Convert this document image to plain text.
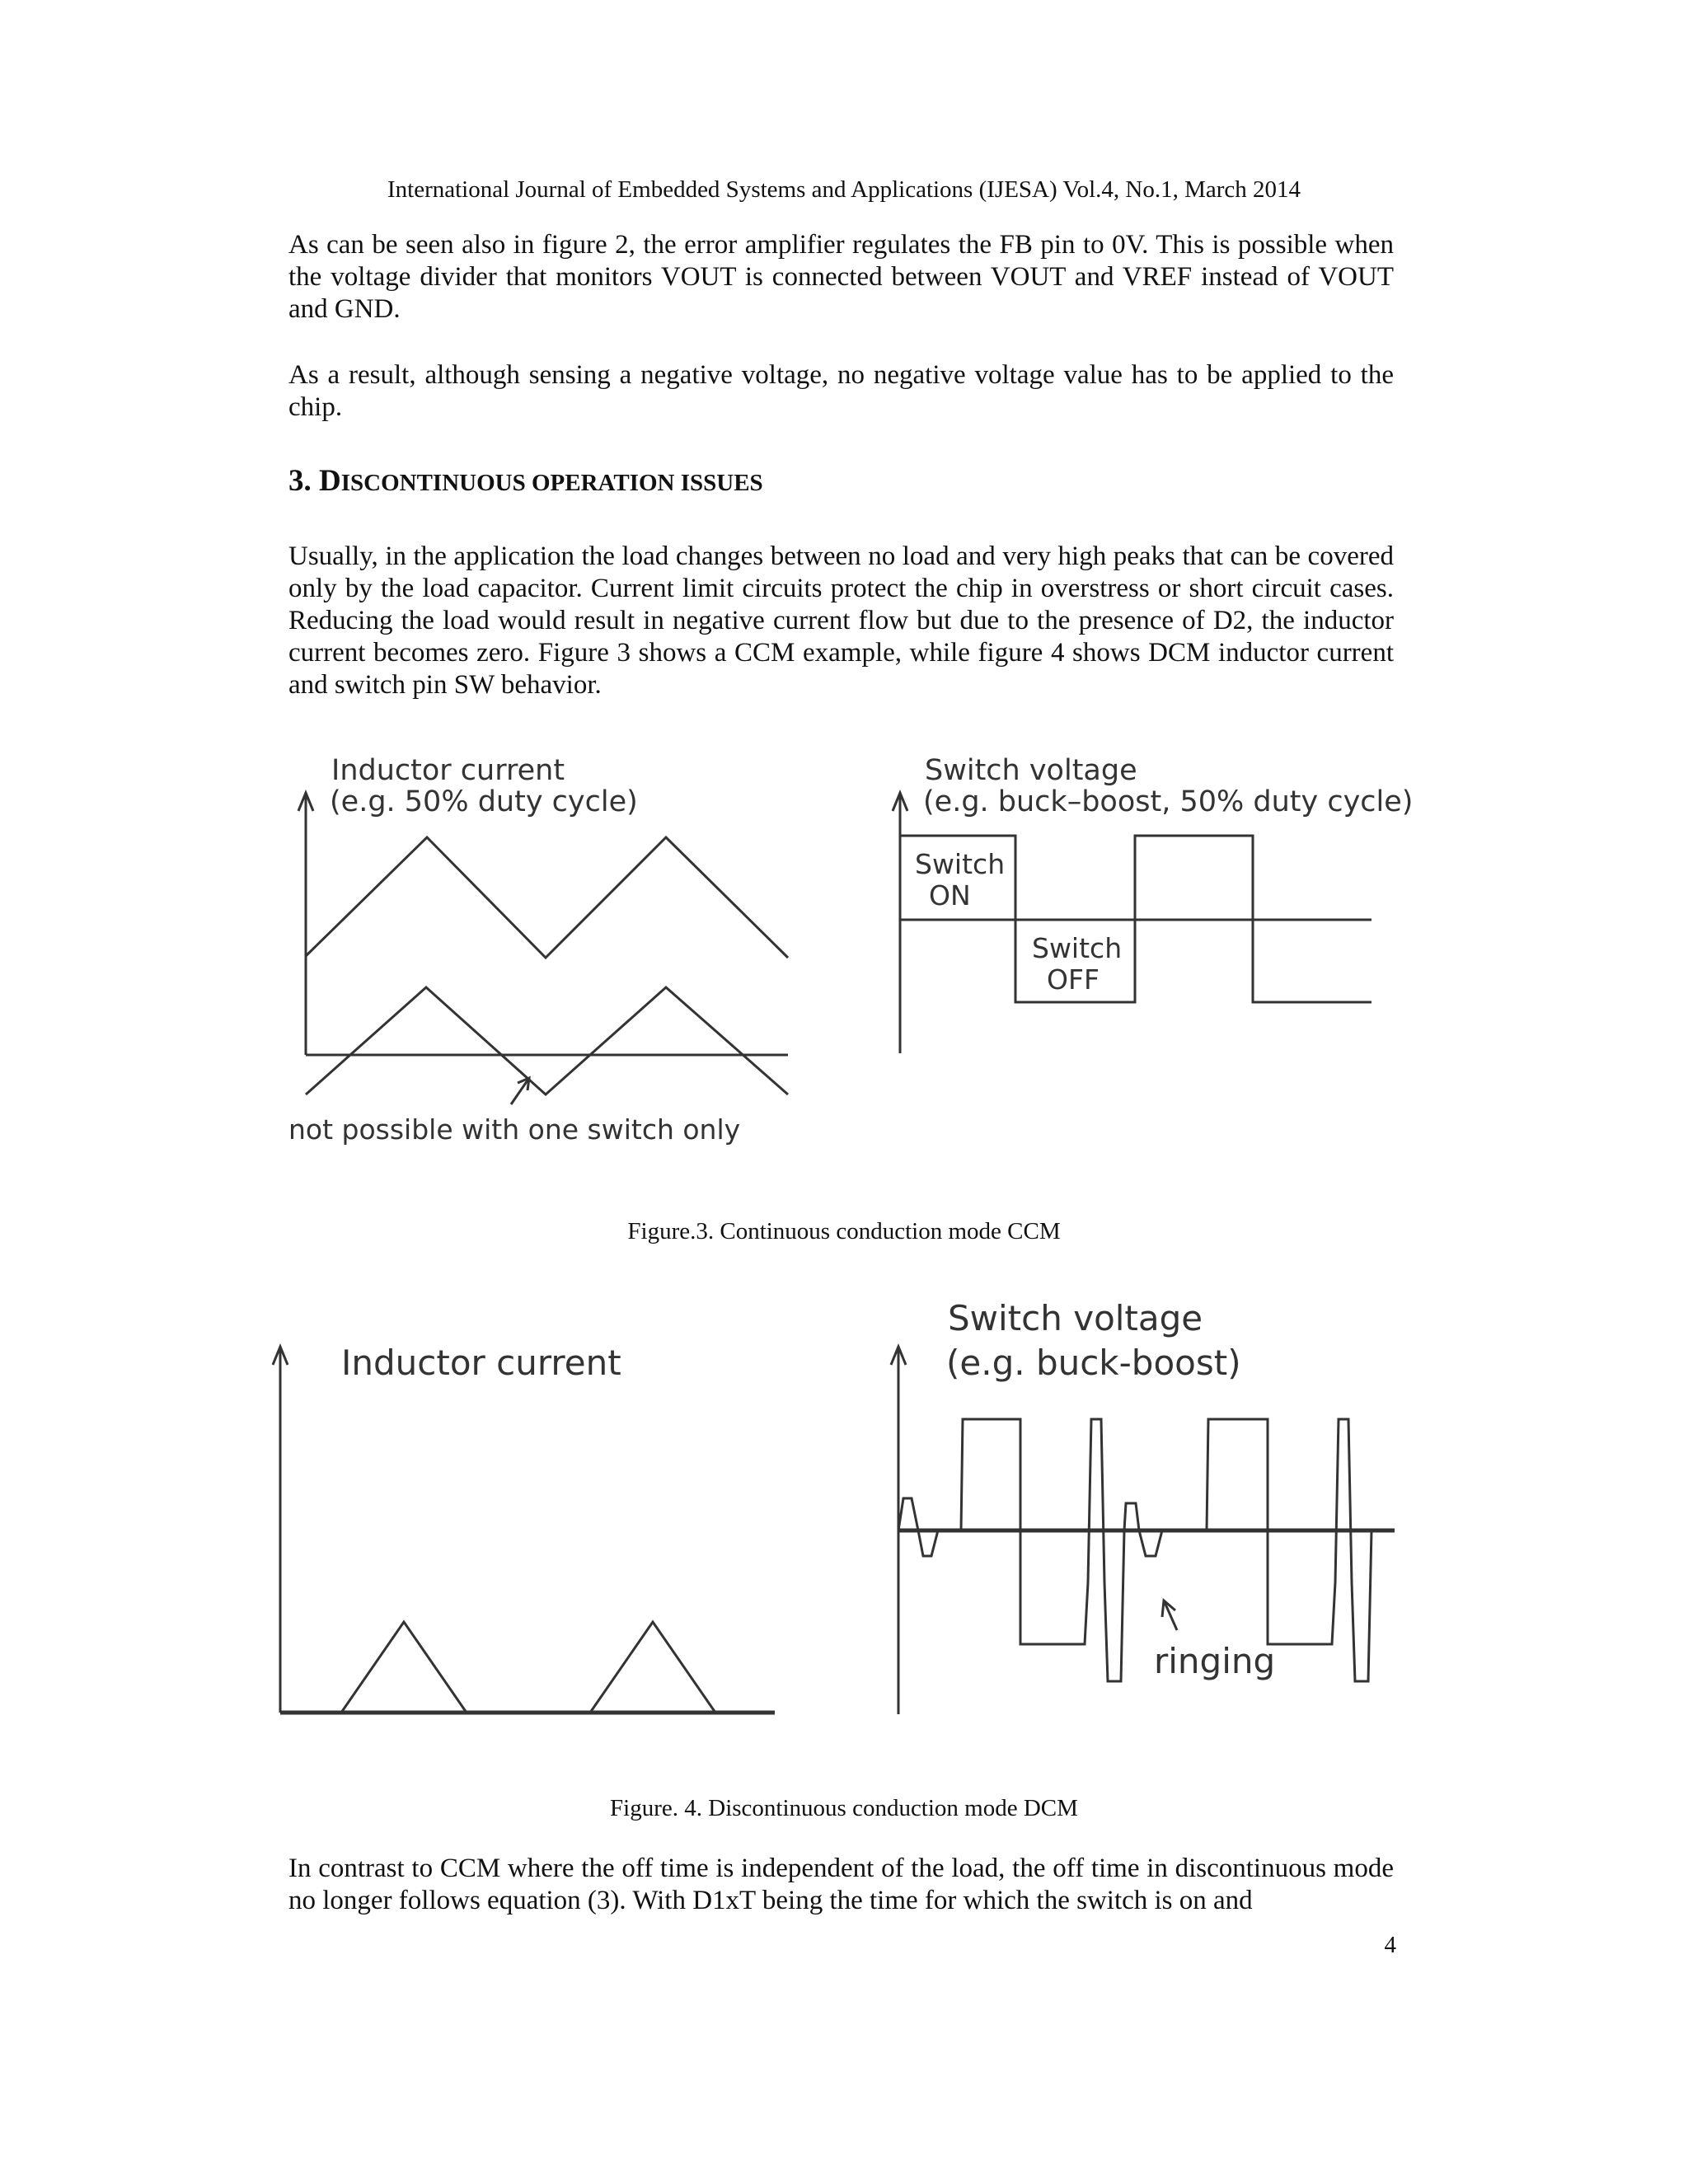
International Journal of Embedded Systems and Applications (IJESA) Vol.4, No.1, March 2014

As can be seen also in figure 2, the error amplifier regulates the FB pin to 0V. This is possible when the voltage divider that monitors VOUT is connected between VOUT and VREF instead of VOUT and GND.

As a result, although sensing a negative voltage, no negative voltage value has to be applied to the chip.

3. DISCONTINUOUS OPERATION ISSUES

Usually, in the application the load changes between no load and very high peaks that can be covered only by the load capacitor. Current limit circuits protect the chip in overstress or short circuit cases. Reducing the load would result in negative current flow but due to the presence of D2, the inductor current becomes zero. Figure 3 shows a CCM example, while figure 4 shows DCM inductor current and switch pin SW behavior.

Inductor current
(e.g. 50% duty cycle)
not possible with one switch only
Switch voltage
(e.g. buck–boost, 50% duty cycle)
Switch
ON
Switch
OFF
Figure.3. Continuous conduction mode CCM
Inductor current
Switch voltage
(e.g. buck-boost)
ringing
Figure. 4. Discontinuous conduction mode DCM

In contrast to CCM where the off time is independent of the load, the off time in discontinuous mode no longer follows equation (3). With D1xT being the time for which the switch is on and

4
